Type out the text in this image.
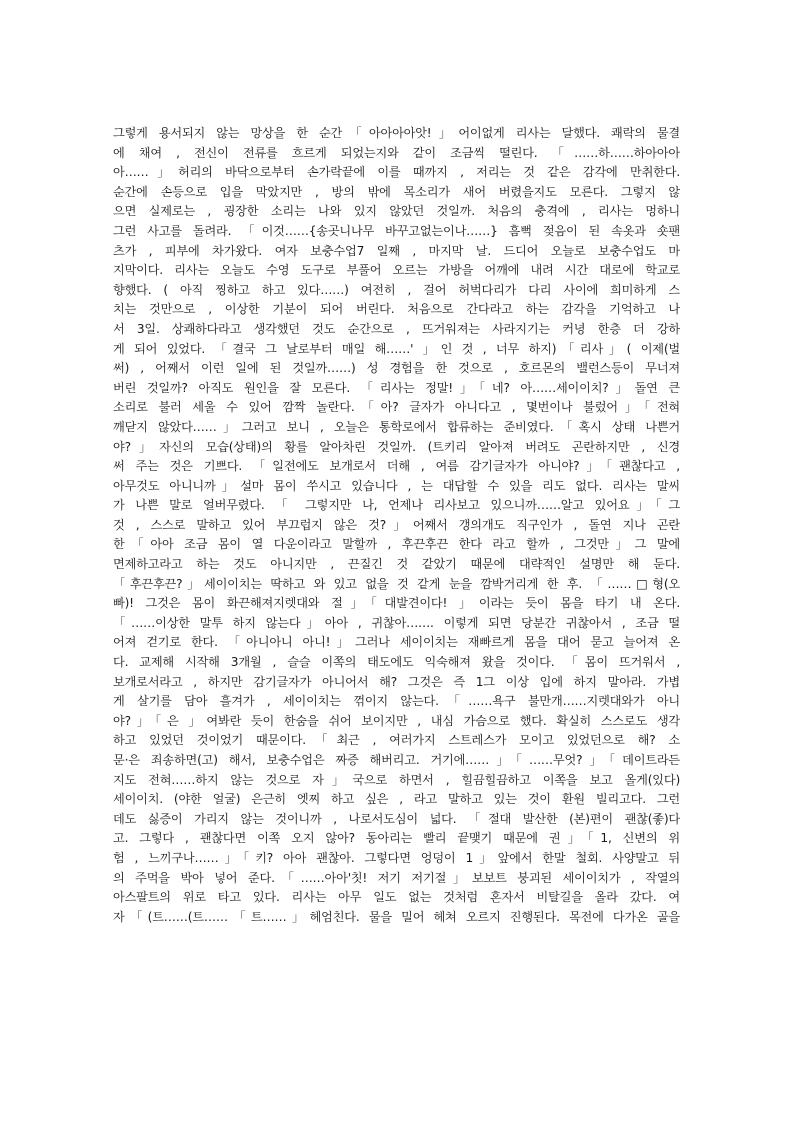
그렇게 용서되지 않는 망상을 한 순간「아아아아앗!」어이없게 리사는 달했다. 쾌락의 물결
에 채여 , 전신이 전류를 흐르게 되었는지와 같이 조금씩 떨린다. 「……하……하아아아
아……」허리의 바닥으로부터 손가락끝에 이를 때까지 , 저리는 것 같은 감각에 만취한다.
순간에 손등으로 입을 막았지만 , 방의 밖에 목소리가 새어 버렸을지도 모른다. 그렇지 않
으면 실제로는 , 굉장한 소리는 나와 있지 않았던 것일까. 처음의 충격에 , 리사는 멍하니
그런 사고를 돌려라. 「이것……{송곳니나무 바꾸고없는이나……} 흠뻑 젖음이 된 속옷과 숏팬
츠가 , 피부에 차가왔다. 여자 보충수업7 일째 , 마지막 날. 드디어 오늘로 보충수업도 마
지막이다. 리사는 오늘도 수영 도구로 부풀어 오르는 가방을 어깨에 내려 시간 대로에 학교로
향했다. ( 아직 찡하고 하고 있다……) 여전히 , 걸어 허벅다리가 다리 사이에 희미하게 스
치는 것만으로 , 이상한 기분이 되어 버린다. 처음으로 간다라고 하는 감각을 기억하고 나
서 3일. 상쾌하다라고 생각했던 것도 순간으로 , 뜨거워져는 사라지기는 커녕 한층 더 강하
게 되어 있었다. 「결국 그 날로부터 매일 해……' 」인 것 , 너무 하지)「리사」( 이제(벌
써) , 어째서 이런 일에 된 것일까……) 성 경험을 한 것으로 , 호르몬의 밸런스등이 무너져
버린 것일까? 아직도 원인을 잘 모른다. 「리사는 정말!」「네? 아……세이이치?」돌연 큰
소리로 불러 세울 수 있어 깜짝 놀란다.「아? 글자가 아니다고 , 몇번이나 불렀어」「전혀
깨닫지 않았다……」그러고 보니 , 오늘은 통학로에서 합류하는 준비였다.「혹시 상태 나쁜거
야?」자신의 모습(상태)의 황를 알아차린 것일까. (트키리 알아져 버려도 곤란하지만 , 신경
써 주는 것은 기쁘다. 「일전에도 보개로서 더해 , 여름 감기글자가 아니야?」「괜찮다고 ,
아무것도 아니니까」설마 몸이 쑤시고 있습니다 , 는 대답할 수 있을 리도 없다. 리사는 말씨
가 나쁜 말로 얼버무렸다. 「 그렇지만 나, 언제나 리사보고 있으니까……알고 있어요」「그
것 , 스스로 말하고 있어 부끄럽지 않은 것?」어째서 갱의개도 직구인가 , 돌연 지나 곤란
한「아아 조금 몸이 열 다운이라고 말할까 , 후끈후끈 한다 라고 할까 , 그것만」그 말에
면제하고라고 하는 것도 아니지만 , 끈질긴 것 같았기 때문에 대략적인 설명만 해 둔다.
「후끈후끈?」세이이치는 딱하고 와 있고 없을 것 같게 눈을 깜박거리게 한 후. 「……□형(오
빠)! 그것은 몸이 화끈해져지렛대와 절」「대발견이다! 」이라는 듯이 몸을 타기 내 온다.
「……이상한 말투 하지 않는다」아아 , 귀찮아……. 이렇게 되면 당분간 귀찮아서 , 조금 떨
어져 걷기로 한다. 「아니아니 아니!」그러나 세이이치는 재빠르게 몸을 대어 묻고 늘어져 온
다. 교제해 시작해 3개월 , 슬슬 이쪽의 태도에도 익숙해져 왔을 것이다. 「몸이 뜨거워서 ,
보개로서라고 , 하지만 감기글자가 아니어서 해? 그것은 즉 1그 이상 입에 하지 말아라. 가볍
게 살기를 담아 흘겨가 , 세이이치는 꺾이지 않는다.「……욕구 불만개……지렛대와가 아니
야?」「은 」여봐란 듯이 한숨을 쉬어 보이지만 , 내심 가슴으로 했다. 확실히 스스로도 생각
하고 있었던 것이었기 때문이다.「최근 , 여러가지 스트레스가 모이고 있었던으로 해? 소
문·은 죄송하면(고) 해서, 보충수업은 짜증 해버리고. 거기에……」「……무엇?」「데이트라든
지도 전혀……하지 않는 것으로 자」국으로 하면서 , 힐끔힐끔하고 이쪽을 보고 올게(있다)
세이이치. (야한 얼굴) 은근히 엣찌 하고 싶은 , 라고 말하고 있는 것이 환원 빌리고다. 그런
데도 싫증이 가리지 않는 것이니까 , 나로서도심이 넓다. 「절대 발산한 (본)편이 괜찮(좋)다
고. 그렇다 , 괜찮다면 이쪽 오지 않아? 동아리는 빨리 끝맺기 때문에 권」「1, 신변의 위
험 , 느끼구나……」「키? 아아 괜찮아. 그렇다면 엉덩이 1」앞에서 한말 철회. 사양말고 뒤
의 주먹을 박아 넣어 준다.「……아아'칫! 저기 저기절」보보트 붕괴된 세이이치가 , 작열의
아스팔트의 위로 타고 있다. 리사는 아무 일도 없는 것처럼 혼자서 비탈길을 올라 갔다. 여
자「(트……(트……「트……」헤엄친다. 물을 밀어 헤쳐 오르지 진행된다. 목전에 다가온 골을
